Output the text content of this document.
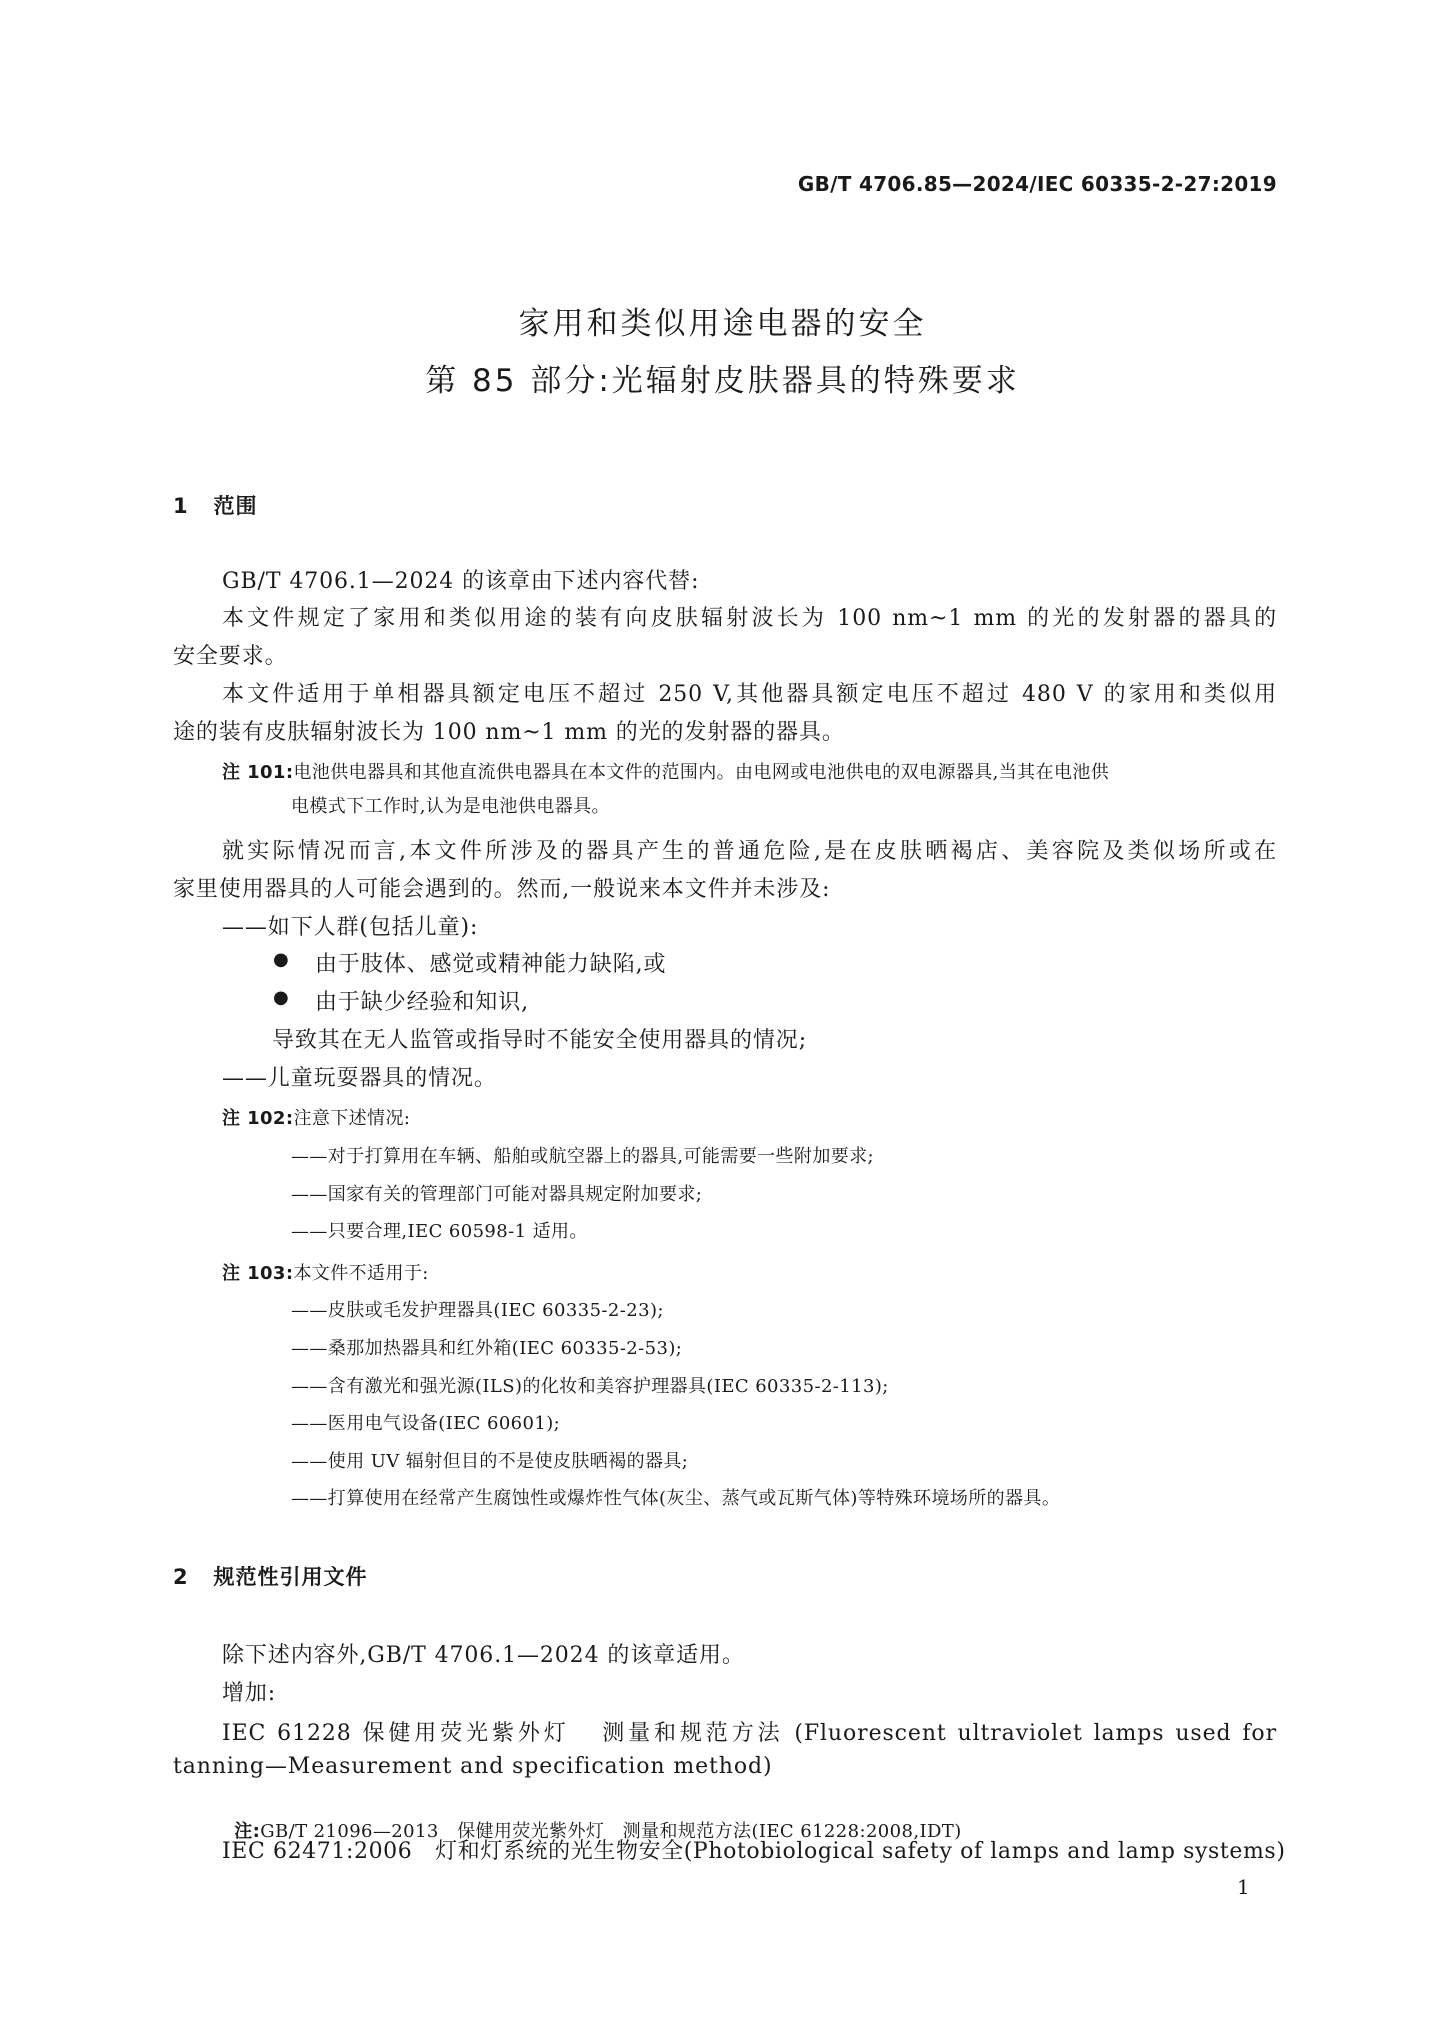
GB/T 4706.85—2024/IEC 60335-2-27:2019
家用和类似用途电器的安全
第 85 部分:光辐射皮肤器具的特殊要求
1   范围
GB/T 4706.1—2024 的该章由下述内容代替:
本文件规定了家用和类似用途的装有向皮肤辐射波长为 100 nm~1 mm 的光的发射器的器具的
安全要求。
本文件适用于单相器具额定电压不超过 250 V,其他器具额定电压不超过 480 V 的家用和类似用
途的装有皮肤辐射波长为 100 nm~1 mm 的光的发射器的器具。
注 101:电池供电器具和其他直流供电器具在本文件的范围内。由电网或电池供电的双电源器具,当其在电池供
电模式下工作时,认为是电池供电器具。
就实际情况而言,本文件所涉及的器具产生的普通危险,是在皮肤晒褐店、美容院及类似场所或在
家里使用器具的人可能会遇到的。然而,一般说来本文件并未涉及:
——如下人群(包括儿童):
● 由于肢体、感觉或精神能力缺陷,或
● 由于缺少经验和知识,
导致其在无人监管或指导时不能安全使用器具的情况;
——儿童玩耍器具的情况。
注 102:注意下述情况:
——对于打算用在车辆、船舶或航空器上的器具,可能需要一些附加要求;
——国家有关的管理部门可能对器具规定附加要求;
——只要合理,IEC 60598-1 适用。
注 103:本文件不适用于:
——皮肤或毛发护理器具(IEC 60335-2-23);
——桑那加热器具和红外箱(IEC 60335-2-53);
——含有激光和强光源(ILS)的化妆和美容护理器具(IEC 60335-2-113);
——医用电气设备(IEC 60601);
——使用 UV 辐射但目的不是使皮肤晒褐的器具;
——打算使用在经常产生腐蚀性或爆炸性气体(灰尘、蒸气或瓦斯气体)等特殊环境场所的器具。
2   规范性引用文件
除下述内容外,GB/T 4706.1—2024 的该章适用。
增加:
IEC 61228 保健用荧光紫外灯   测量和规范方法 (Fluorescent ultraviolet lamps used for
tanning—Measurement and specification method)

注:GB/T 21096—2013   保健用荧光紫外灯   测量和规范方法(IEC 61228:2008,IDT)

IEC 62471:2006   灯和灯系统的光生物安全(Photobiological safety of lamps and lamp systems)
1
